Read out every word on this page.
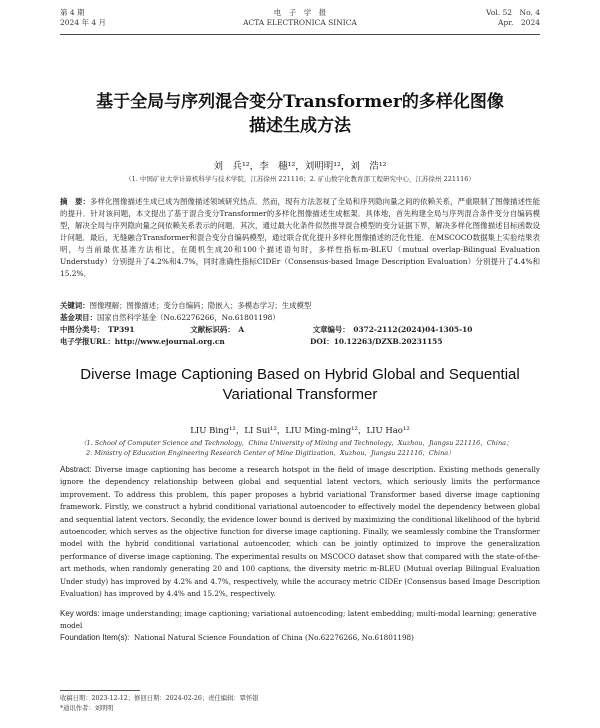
第 4 期
2024 年 4 月
电　子　学　报
ACTA ELECTRONICA SINICA
Vol. 52　No. 4
Apr.　2024
基于全局与序列混合变分Transformer的多样化图像
描述生成方法
刘　兵¹²，李　穗¹²，刘明明¹²，刘　浩¹²
（1. 中国矿业大学计算机科学与技术学院，江苏徐州 221116；2. 矿山数字化教育部工程研究中心，江苏徐州 221116）
摘　要：多样化图像描述生成已成为图像描述领域研究热点．然而，现有方法忽视了全局和序列隐向量之间的依赖关系，严重限制了图像描述性能的提升．针对该问题，本文提出了基于混合变分Transformer的多样化图像描述生成框架．具体地，首先构建全局与序列混合条件变分自编码模型，解决全局与序列隐向量之间依赖关系表示的问题．其次，通过最大化条件似然推导混合模型的变分证据下界，解决多样化图像描述目标函数设计问题．最后，无缝融合Transformer和混合变分自编码模型，通过联合优化提升多样化图像描述的泛化性能．在MSCOCO数据集上实验结果表明，与当前最优基准方法相比，在随机生成20和100个描述语句时，多样性指标m-BLEU（mutual overlap-Bilingual Evaluation Understudy）分别提升了4.2%和4.7%，同时准确性指标CIDEr（Consensus-based Image Description Evaluation）分别提升了4.4%和15.2%．
关键词：图像理解；图像描述；变分自编码；隐嵌入；多模态学习；生成模型
基金项目：国家自然科学基金（No.62276266，No.61801198）
中图分类号：　TP391	文献标识码：　A	文章编号：　0372-2112(2024)04-1305-10
电子学报URL：http://www.ejournal.org.cn	DOI：10.12263/DZXB.20231155
Diverse Image Captioning Based on Hybrid Global and Sequential
Variational Transformer
LIU Bing¹²，LI Sui¹²，LIU Ming-ming¹²，LIU Hao¹²
（1. School of Computer Science and Technology，China University of Mining and Technology，Xuzhou，Jiangsu 221116，China；
2. Ministry of Education Engineering Research Center of Mine Digitization，Xuzhou，Jiangsu 221116，China）
Abstract: Diverse image captioning has become a research hotspot in the field of image description. Existing methods generally ignore the dependency relationship between global and sequential latent vectors, which seriously limits the performance improvement. To address this problem, this paper proposes a hybrid variational Transformer based diverse image captioning framework. Firstly, we construct a hybrid conditional variational autoencoder to effectively model the dependency between global and sequential latent vectors. Secondly, the evidence lower bound is derived by maximizing the conditional likelihood of the hybrid autoencoder, which serves as the objective function for diverse image captioning. Finally, we seamlessly combine the Transformer model with the hybrid conditional variational autoencoder, which can be jointly optimized to improve the generalization performance of diverse image captioning. The experimental results on MSCOCO dataset show that compared with the state-of-the-art methods, when randomly generating 20 and 100 captions, the diversity metric m-BLEU (Mutual overlap Bilingual Evaluation Under study) has improved by 4.2% and 4.7%, respectively, while the accuracy metric CIDEr (Consensus based Image Description Evaluation) has improved by 4.4% and 15.2%, respectively.
Key words: image understanding; image captioning; variational autoencoding; latent embedding; multi-modal learning; generative model
Foundation Item(s): National Natural Science Foundation of China (No.62276266, No.61801198)
收稿日期：2023-12-12；修回日期：2024-02-26；责任编辑：覃怀银
*通讯作者：刘明明
